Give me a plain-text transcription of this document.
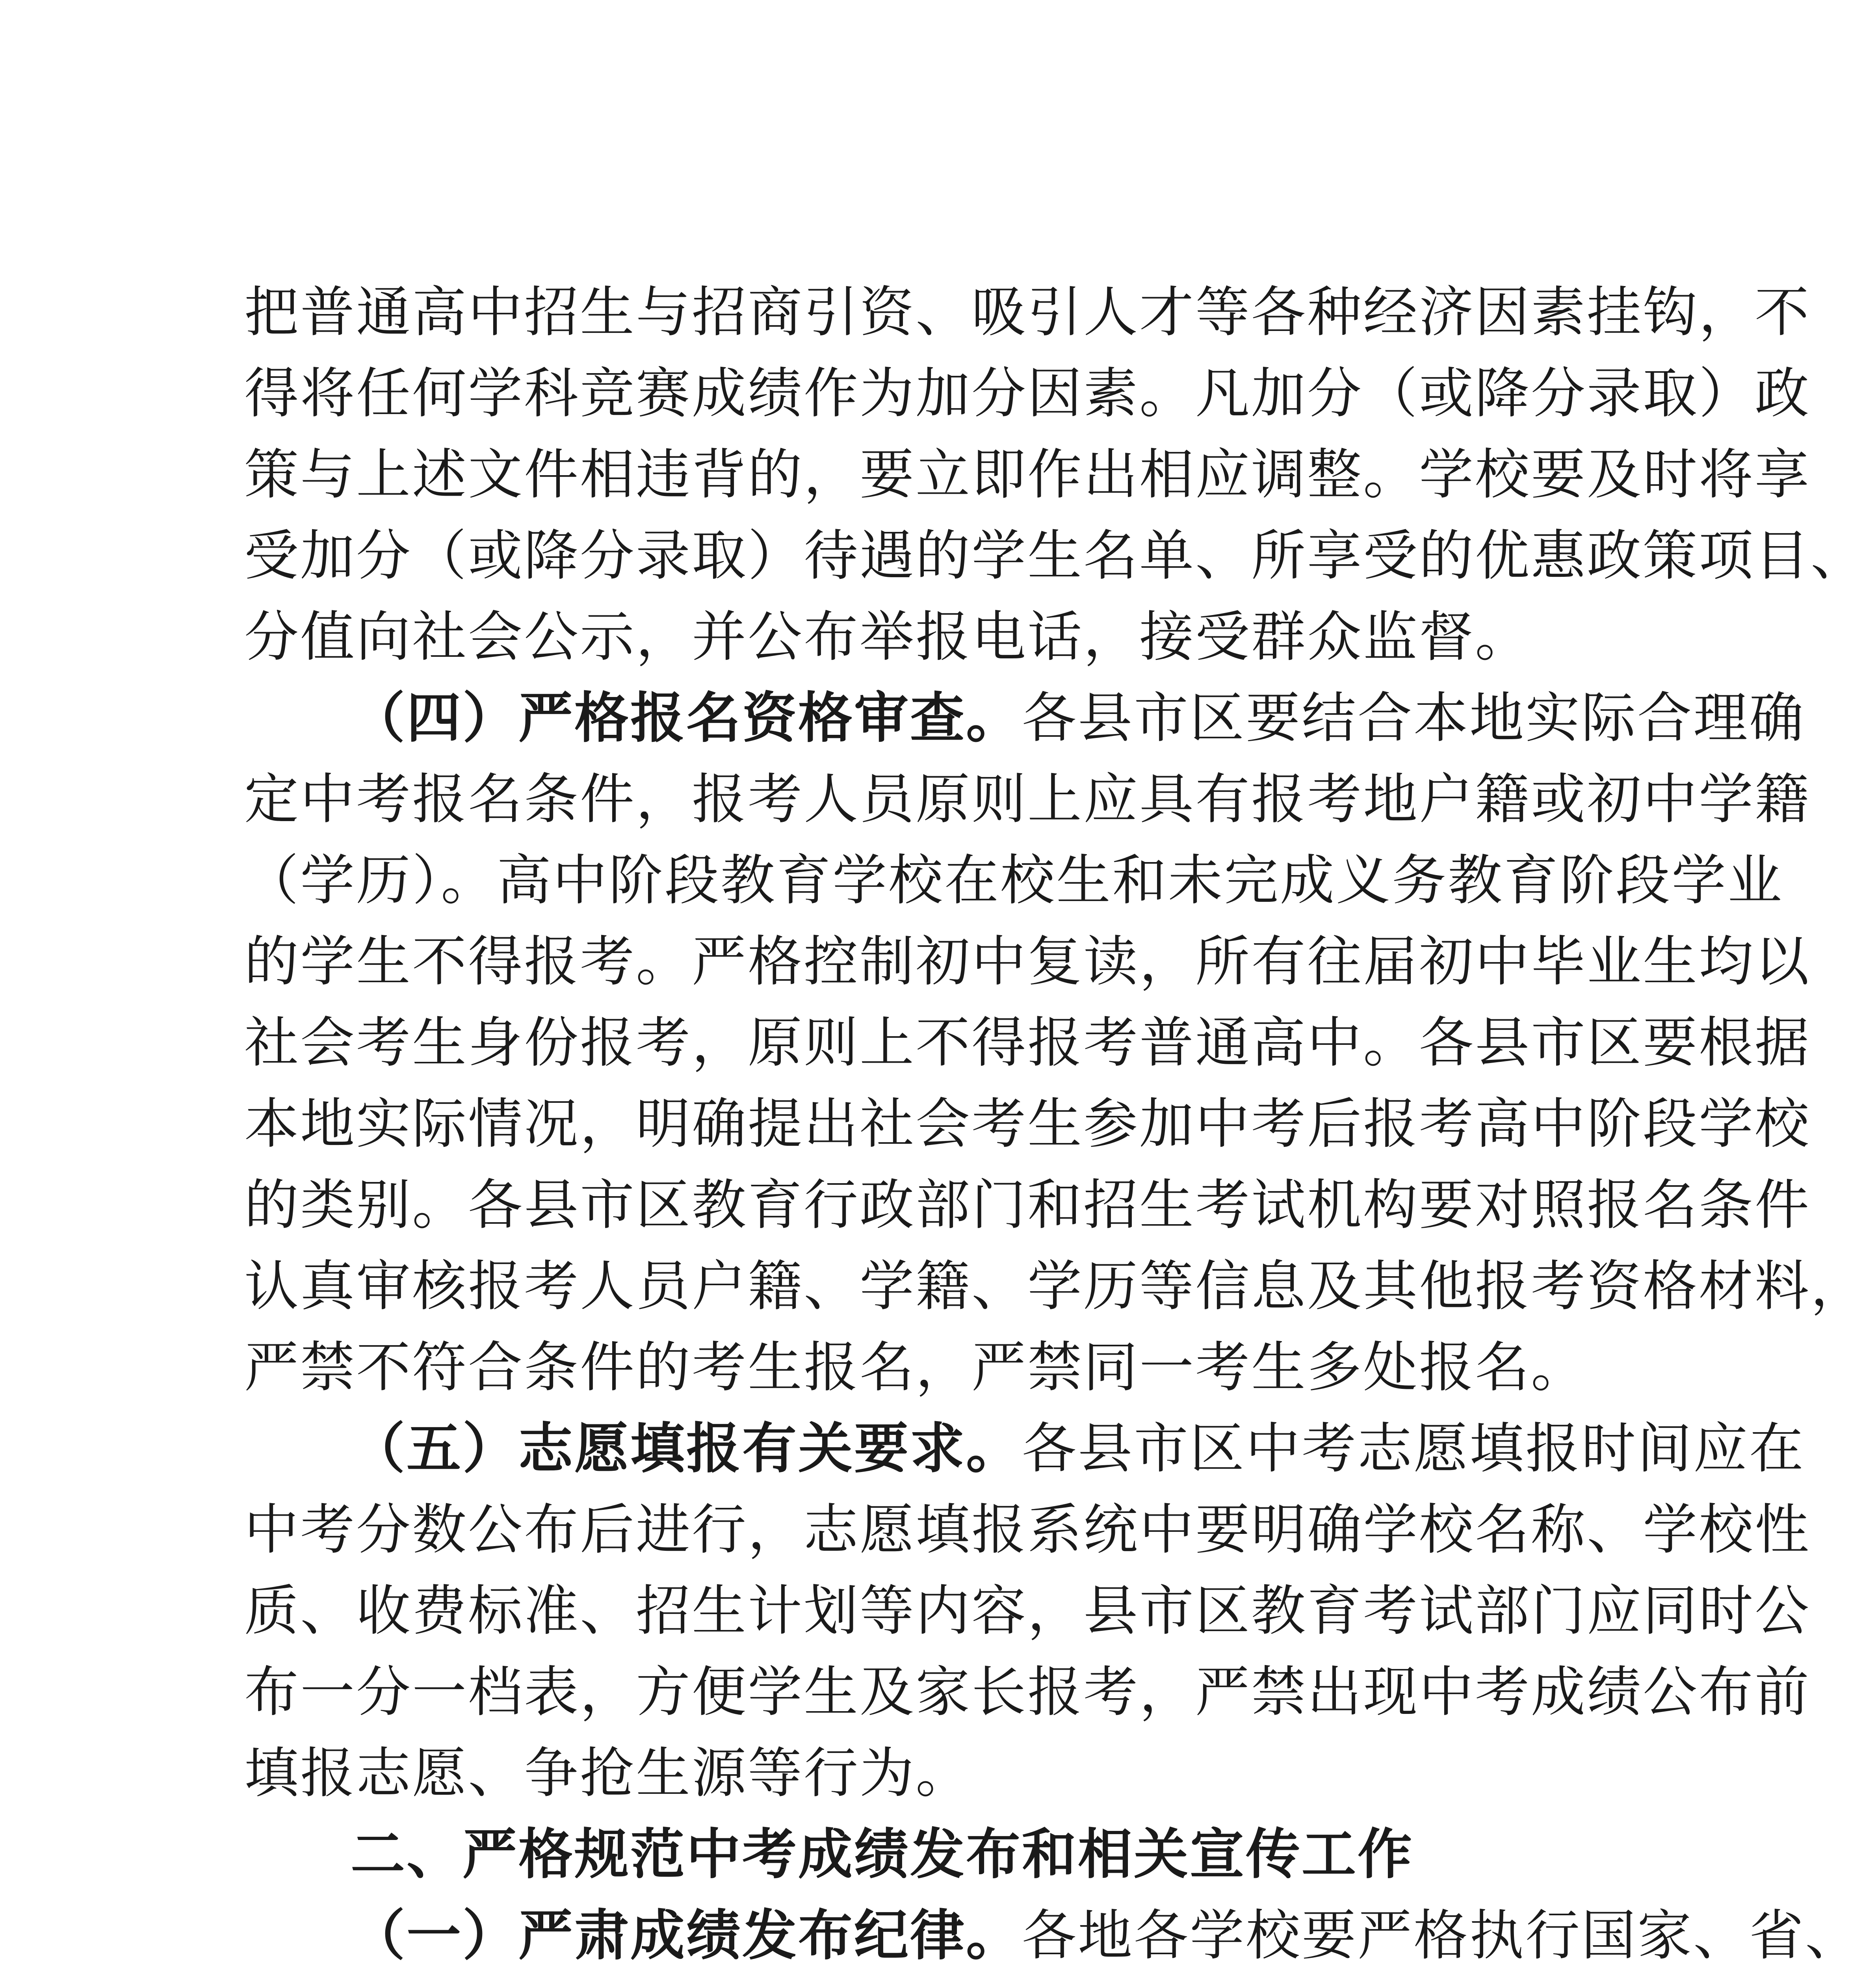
把普通高中招生与招商引资、吸引人才等各种经济因素挂钩，不
得将任何学科竞赛成绩作为加分因素。凡加分（或降分录取）政
策与上述文件相违背的，要立即作出相应调整。学校要及时将享
受加分（或降分录取）待遇的学生名单、所享受的优惠政策项目、
分值向社会公示，并公布举报电话，接受群众监督。
（四）严格报名资格审查。各县市区要结合本地实际合理确
定中考报名条件，报考人员原则上应具有报考地户籍或初中学籍
（学历）。高中阶段教育学校在校生和未完成义务教育阶段学业
的学生不得报考。严格控制初中复读，所有往届初中毕业生均以
社会考生身份报考，原则上不得报考普通高中。各县市区要根据
本地实际情况，明确提出社会考生参加中考后报考高中阶段学校
的类别。各县市区教育行政部门和招生考试机构要对照报名条件
认真审核报考人员户籍、学籍、学历等信息及其他报考资格材料，
严禁不符合条件的考生报名，严禁同一考生多处报名。
（五）志愿填报有关要求。各县市区中考志愿填报时间应在
中考分数公布后进行，志愿填报系统中要明确学校名称、学校性
质、收费标准、招生计划等内容，县市区教育考试部门应同时公
布一分一档表，方便学生及家长报考，严禁出现中考成绩公布前
填报志愿、争抢生源等行为。
二、严格规范中考成绩发布和相关宣传工作
（一）严肃成绩发布纪律。各地各学校要严格执行国家、省、
